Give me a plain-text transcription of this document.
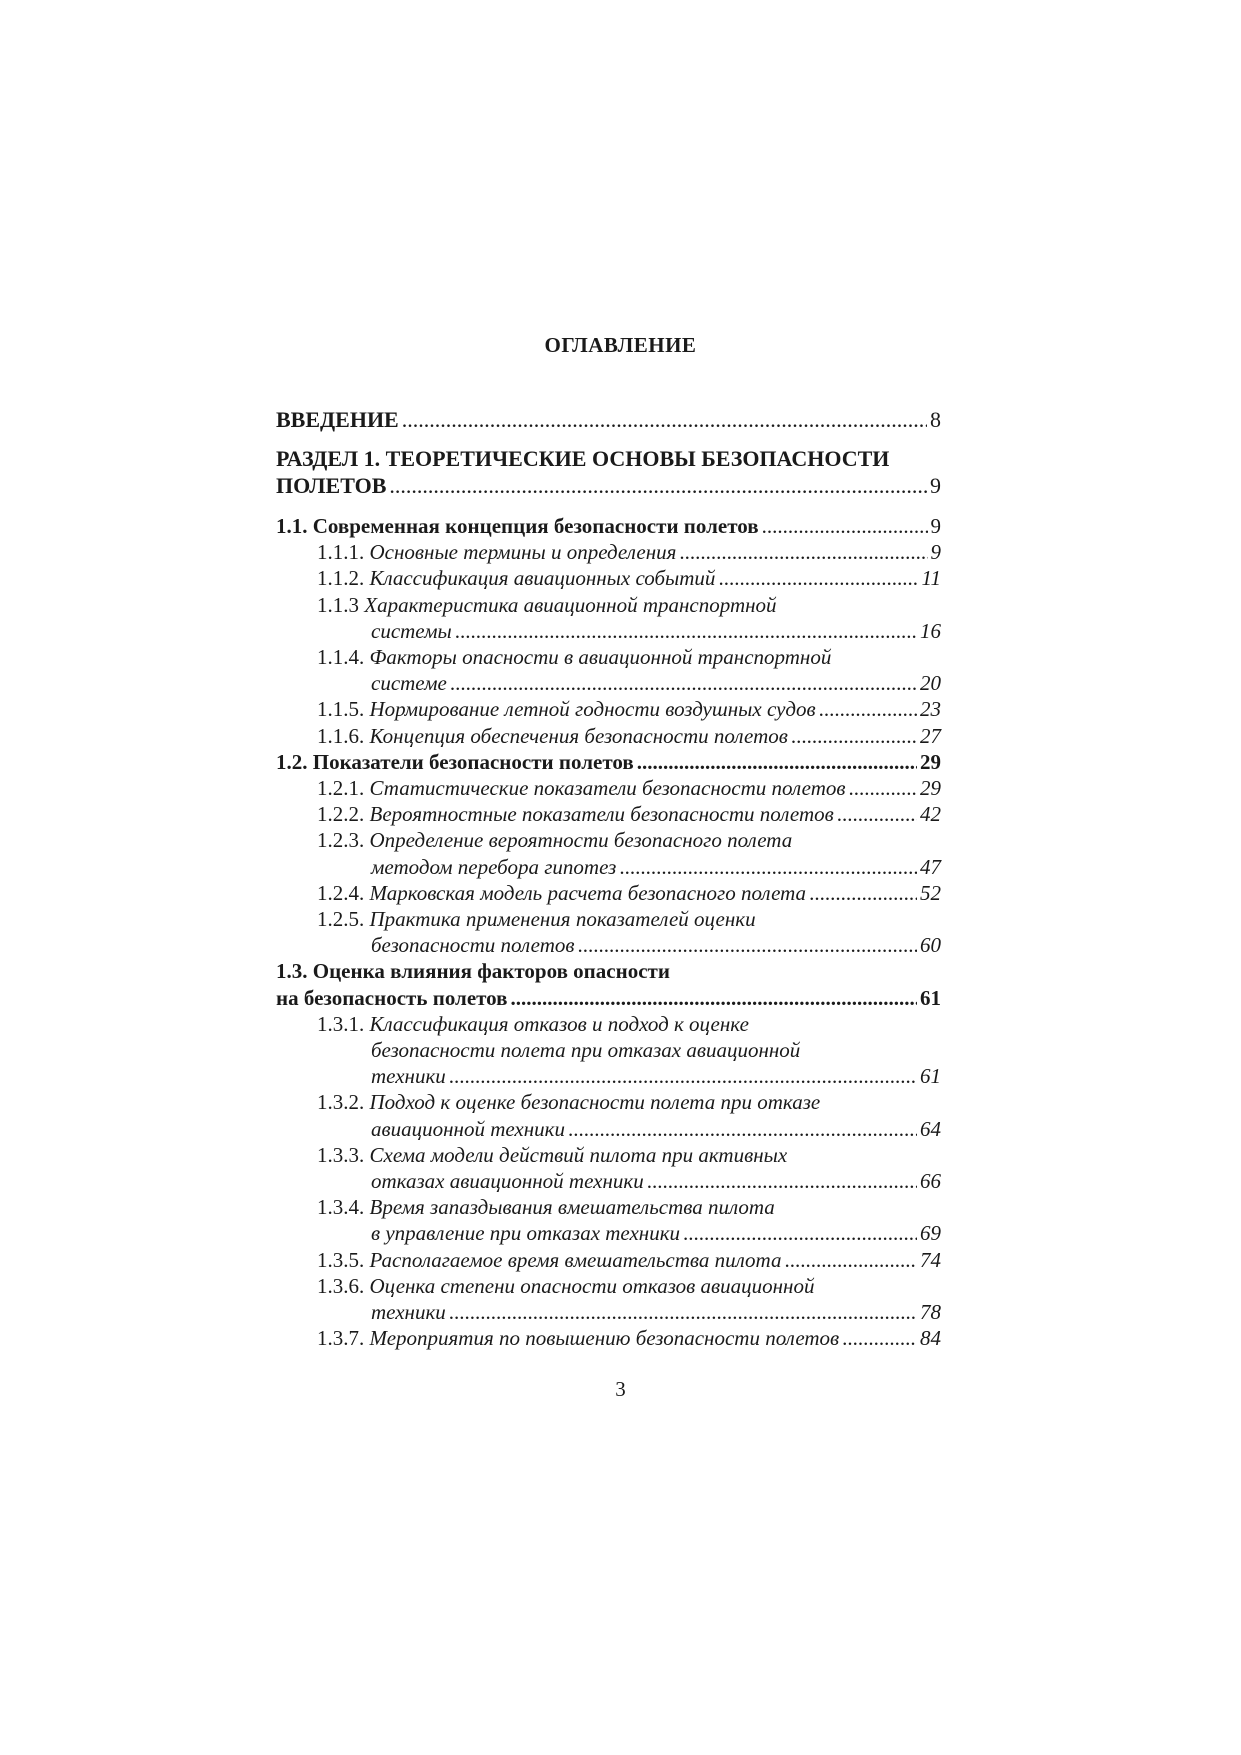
ОГЛАВЛЕНИЕ
ВВЕДЕНИЕ .....	8
РАЗДЕЛ 1. ТЕОРЕТИЧЕСКИЕ ОСНОВЫ БЕЗОПАСНОСТИ
ПОЛЕТОВ .....	9
1.1. Современная концепция безопасности полетов .....	9
1.1.1. Основные термины и определения .....	9
1.1.2. Классификация авиационных событий .....	11
1.1.3 Характеристика авиационной транспортной
системы .....	16
1.1.4. Факторы опасности в авиационной транспортной
системе .....	20
1.1.5. Нормирование летной годности воздушных судов .....	23
1.1.6. Концепция обеспечения безопасности полетов .....	27
1.2. Показатели безопасности полетов .....	29
1.2.1. Статистические показатели безопасности полетов .....	29
1.2.2. Вероятностные показатели безопасности полетов .....	42
1.2.3. Определение вероятности безопасного полета
методом перебора гипотез .....	47
1.2.4. Марковская модель расчета безопасного полета .....	52
1.2.5. Практика применения показателей оценки
безопасности полетов .....	60
1.3. Оценка влияния факторов опасности
на безопасность полетов .....	61
1.3.1. Классификация отказов и подход к оценке
безопасности полета при отказах авиационной
техники .....	61
1.3.2. Подход к оценке безопасности полета при отказе
авиационной техники .....	64
1.3.3. Схема модели действий пилота при активных
отказах авиационной техники .....	66
1.3.4. Время запаздывания вмешательства пилота
в управление при отказах техники .....	69
1.3.5. Располагаемое время вмешательства пилота .....	74
1.3.6. Оценка степени опасности отказов авиационной
техники .....	78
1.3.7. Мероприятия по повышению безопасности полетов .....	84
3
